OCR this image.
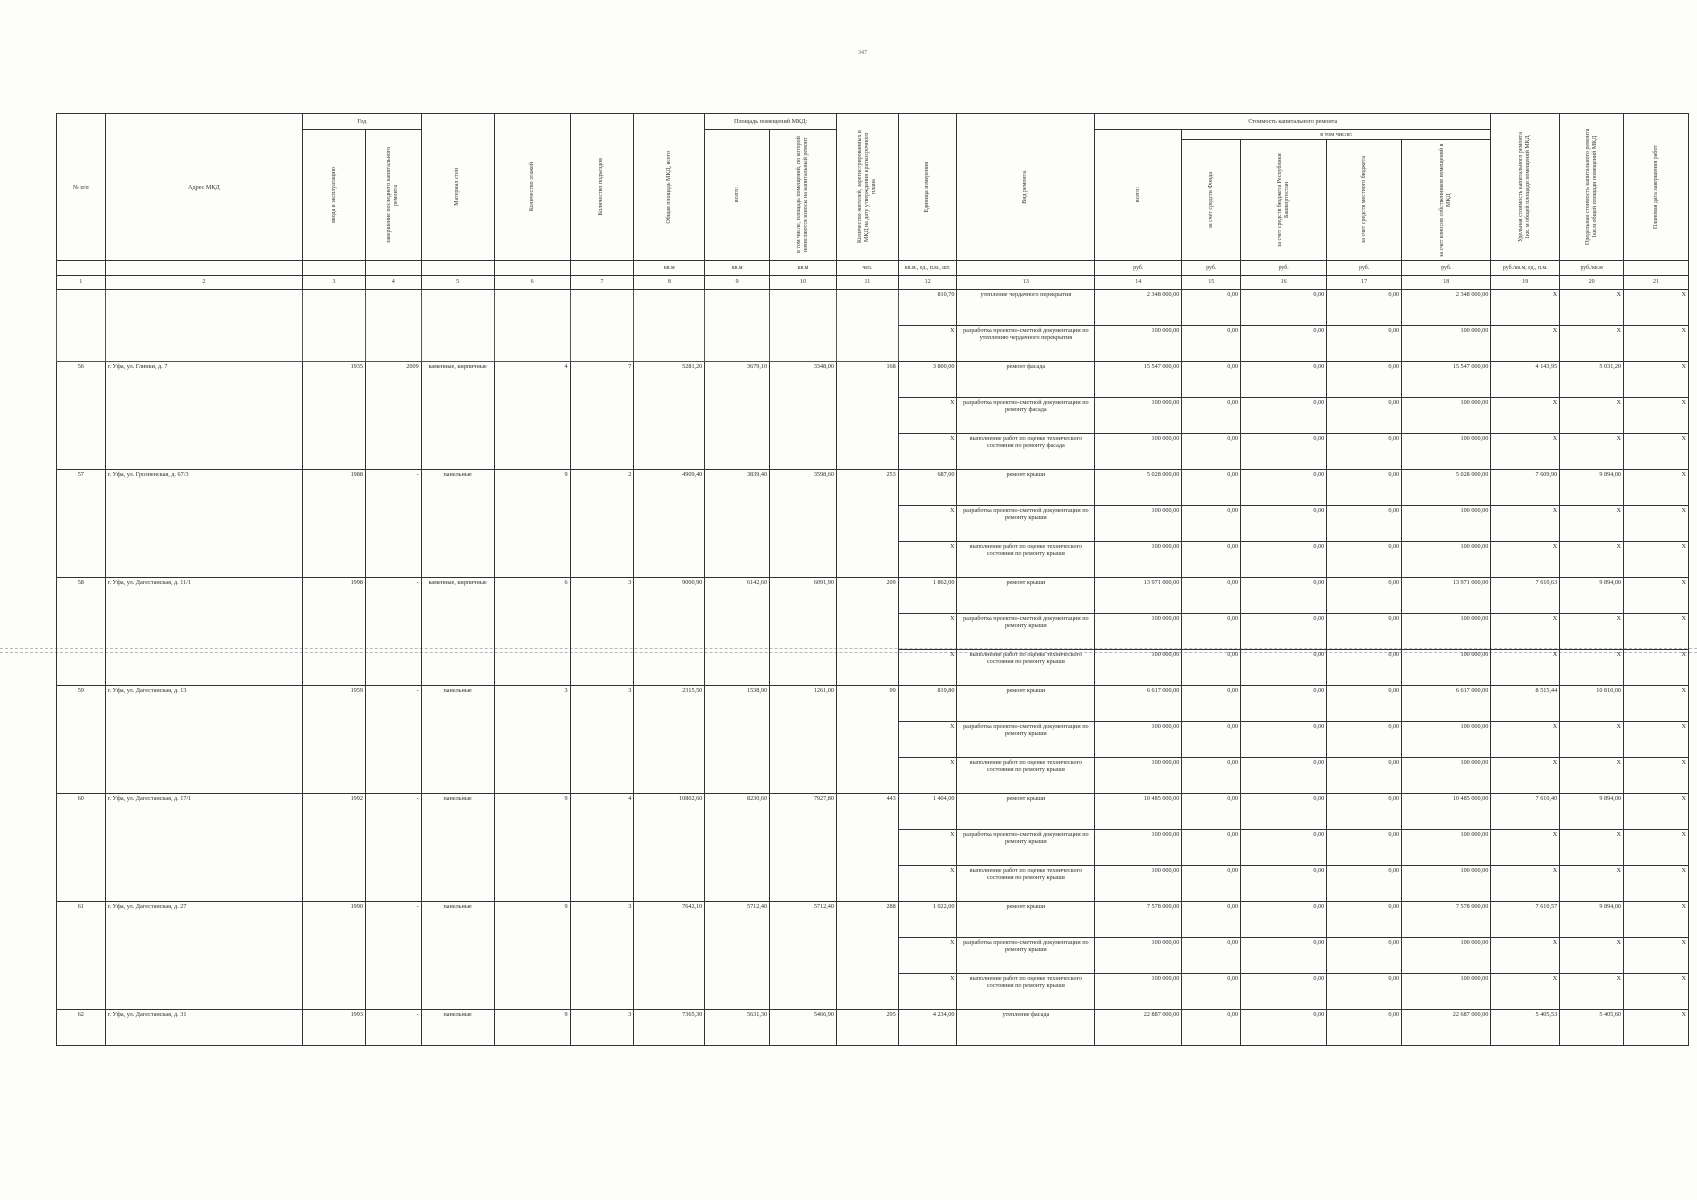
347
№ п/п	Адрес МКД	Год		Материал стен	Количество этажей	Количество подъездов	Общая площадь МКД, всего	Площадь помещений МКД:		Количество жителей, зарегистрированных в МКД на дату утверждения краткосрочного плана	Единица измерения	Вид ремонта	Стоимость капитального ремонта					Удельная стоимость капитального ремонта 1кв. м общей площади помещений МКД	Предельная стоимость капитального ремонта 1кв.м общей площади помещений МКД	Плановая дата завершения работ

		ввода в эксплуатацию	завершение последнего капитального ремонта					всего:	в том числе, площадь помещений, по которой начисляются взносы на капитальный ремонт				всего:	в том числе:						

														за счет средств Фонда	за счет средств бюджета Республики Башкортостан	за счет средств местного бюджета	за счет взносов собственников помещений в МКД			

							кв.м	кв.м	кв.м	чел.	кв.м., ед., п.м., шт.		руб.	руб.	руб.	руб.	руб.	руб./кв.м, ед., п.м.	руб./кв.м	
1	2	3	4	5	6	7	8	9	10	11	12	13	14	15	16	17	18	19	20	21
											810,70	утепление чердачного перекрытия	2 348 000,00	0,00	0,00	0,00	2 348 000,00	X	X	X
											X	разработка проектно-сметной документации по утеплению чердачного перекрытия	100 000,00	0,00	0,00	0,00	100 000,00	X	X	X
56	г. Уфа, ул. Глинки, д. 7	1935	2009	каменные, кирпичные	4	7	5281,20	3679,10	3348,00	168	3 800,00	ремонт фасада	15 547 000,00	0,00	0,00	0,00	15 547 000,00	4 143,95	5 031,20	X
											X	разработка проектно-сметной документации по ремонту фасада	100 000,00	0,00	0,00	0,00	100 000,00	X	X	X
											X	выполнение работ по оценке технического состояния по ремонту фасада	100 000,00	0,00	0,00	0,00	100 000,00	X	X	X
57	г. Уфа, ул. Грозненская, д. 67/3	1988	-	панельные	9	2	4909,40	3839,40	3598,60	253	687,00	ремонт крыши	5 028 000,00	0,00	0,00	0,00	5 028 000,00	7 609,90	9 894,00	X
											X	разработка проектно-сметной документации по ремонту крыши	100 000,00	0,00	0,00	0,00	100 000,00	X	X	X
											X	выполнение работ по оценке технического состояния по ремонту крыши	100 000,00	0,00	0,00	0,00	100 000,00	X	X	X
58	г. Уфа, ул. Дагестанская, д. 11/1	1998	-	каменные, кирпичные	6	3	9000,90	6142,60	6091,90	209	1 862,00	ремонт крыши	13 971 000,00	0,00	0,00	0,00	13 971 000,00	7 610,63	9 894,00	X
											X	разработка проектно-сметной документации по ремонту крыши	100 000,00	0,00	0,00	0,00	100 000,00	X	X	X
											X	выполнение работ по оценке технического состояния по ремонту крыши	100 000,00	0,00	0,00	0,00	100 000,00	X	X	X
59	г. Уфа, ул. Дагестанская, д. 13	1959	-	панельные	3	3	2315,50	1538,90	1261,00	99	819,80	ремонт крыши	6 617 000,00	0,00	0,00	0,00	6 617 000,00	8 515,44	10 810,00	X
											X	разработка проектно-сметной документации по ремонту крыши	100 000,00	0,00	0,00	0,00	100 000,00	X	X	X
											X	выполнение работ по оценке технического состояния по ремонту крыши	100 000,00	0,00	0,00	0,00	100 000,00	X	X	X
60	г. Уфа, ул. Дагестанская, д. 17/1	1992	-	панельные	9	4	10802,60	8230,60	7927,80	443	1 404,00	ремонт крыши	10 485 000,00	0,00	0,00	0,00	10 485 000,00	7 610,40	9 894,00	X
											X	разработка проектно-сметной документации по ремонту крыши	100 000,00	0,00	0,00	0,00	100 000,00	X	X	X
											X	выполнение работ по оценке технического состояния по ремонту крыши	100 000,00	0,00	0,00	0,00	100 000,00	X	X	X
61	г. Уфа, ул. Дагестанская, д. 27	1990	-	панельные	9	3	7642,10	5712,40	5712,40	288	1 022,00	ремонт крыши	7 578 000,00	0,00	0,00	0,00	7 578 000,00	7 610,57	9 894,00	X
											X	разработка проектно-сметной документации по ремонту крыши	100 000,00	0,00	0,00	0,00	100 000,00	X	X	X
											X	выполнение работ по оценке технического состояния по ремонту крыши	100 000,00	0,00	0,00	0,00	100 000,00	X	X	X
62	г. Уфа, ул. Дагестанская, д. 31	1993	-	панельные	9	3	7365,30	5631,30	5466,90	295	4 234,00	утепление фасада	22 887 000,00	0,00	0,00	0,00	22 687 000,00	5 405,53	5 405,60	X
